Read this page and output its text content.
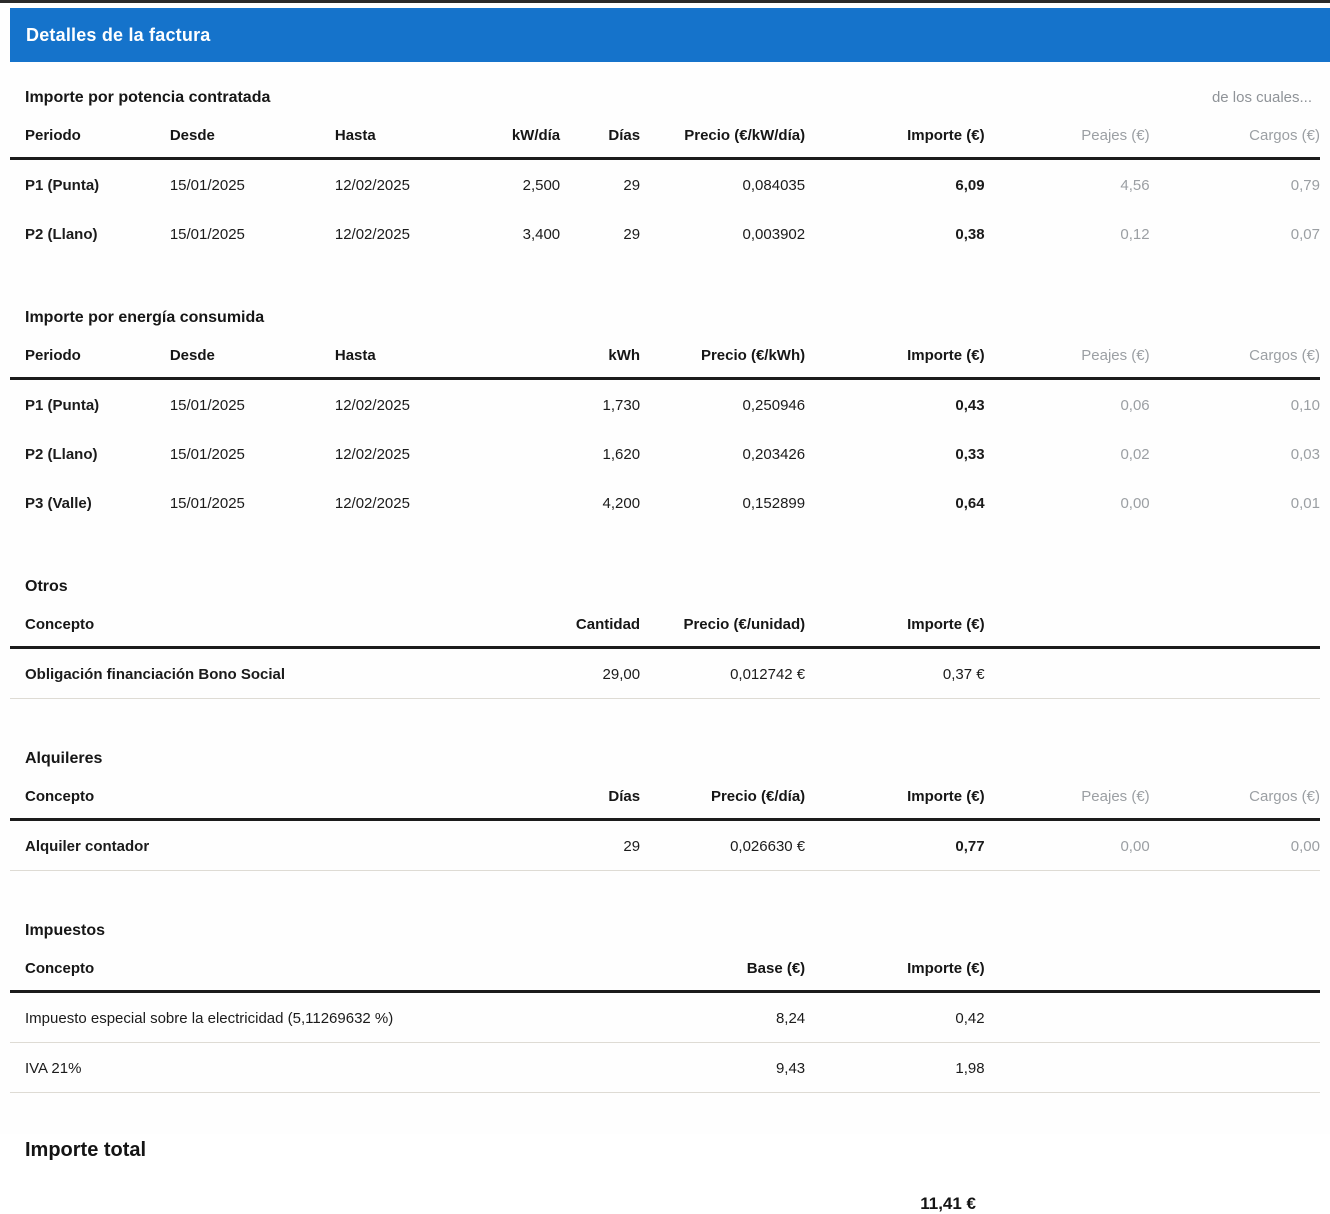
Detalles de la factura
Importe por potencia contratada	de los cuales...
Periodo	Desde	Hasta	kW/día	Días	Precio (€/kW/día)	Importe (€)	Peajes (€)	Cargos (€)
P1 (Punta)	15/01/2025	12/02/2025	2,500	29	0,084035	6,09	4,56	0,79
P2 (Llano)	15/01/2025	12/02/2025	3,400	29	0,003902	0,38	0,12	0,07
Importe por energía consumida
Periodo	Desde	Hasta	kWh	Precio (€/kWh)	Importe (€)	Peajes (€)	Cargos (€)
P1 (Punta)	15/01/2025	12/02/2025	1,730	0,250946	0,43	0,06	0,10
P2 (Llano)	15/01/2025	12/02/2025	1,620	0,203426	0,33	0,02	0,03
P3 (Valle)	15/01/2025	12/02/2025	4,200	0,152899	0,64	0,00	0,01
Otros
Concepto	Cantidad	Precio (€/unidad)	Importe (€)	
Obligación financiación Bono Social	29,00	0,012742 €	0,37 €	
Alquileres
Concepto	Días	Precio (€/día)	Importe (€)	Peajes (€)	Cargos (€)
Alquiler contador	29	0,026630 €	0,77	0,00	0,00
Impuestos
Concepto	Base (€)	Importe (€)	
Impuesto especial sobre la electricidad (5,11269632 %)	8,24	0,42	
IVA 21%	9,43	1,98	
Importe total
11,41 €
